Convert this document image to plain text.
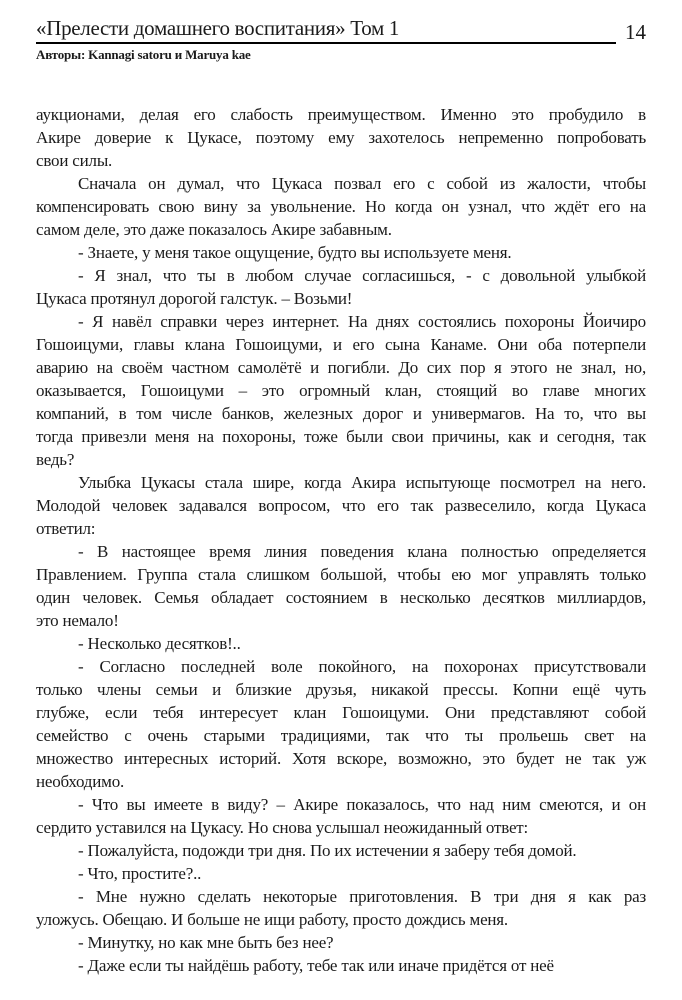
«Прелести домашнего воспитания» Том 1	14
Авторы: Kannagi satoru и Maruya kae

аукционами, делая его слабость преимуществом. Именно это пробудило в
Акире доверие к Цукасе, поэтому ему захотелось непременно попробовать
свои силы.

Сначала он думал, что Цукаса позвал его с собой из жалости, чтобы
компенсировать свою вину за увольнение. Но когда он узнал, что ждёт его на
самом деле, это даже показалось Акире забавным.

- Знаете, у меня такое ощущение, будто вы используете меня.

- Я знал, что ты в любом случае согласишься, - с довольной улыбкой
Цукаса протянул дорогой галстук. – Возьми!

- Я навёл справки через интернет. На днях состоялись похороны Йоичиро
Гошоицуми, главы клана Гошоицуми, и его сына Канаме. Они оба потерпели
аварию на своём частном самолётё и погибли. До сих пор я этого не знал, но,
оказывается, Гошоицуми – это огромный клан, стоящий во главе многих
компаний, в том числе банков, железных дорог и универмагов. На то, что вы
тогда привезли меня на похороны, тоже были свои причины, как и сегодня, так
ведь?

Улыбка Цукасы стала шире, когда Акира испытующе посмотрел на него.
Молодой человек задавался вопросом, что его так развеселило, когда Цукаса
ответил:

- В настоящее время линия поведения клана полностью определяется
Правлением. Группа стала слишком большой, чтобы ею мог управлять только
один человек. Семья обладает состоянием в несколько десятков миллиардов,
это немало!

- Несколько десятков!..

- Согласно последней воле покойного, на похоронах присутствовали
только члены семьи и близкие друзья, никакой прессы. Копни ещё чуть
глубже, если тебя интересует клан Гошоицуми. Они представляют собой
семейство с очень старыми традициями, так что ты прольешь свет на
множество интересных историй. Хотя вскоре, возможно, это будет не так уж
необходимо.

- Что вы имеете в виду? – Акире показалось, что над ним смеются, и он
сердито уставился на Цукасу. Но снова услышал неожиданный ответ:

- Пожалуйста, подожди три дня. По их истечении я заберу тебя домой.

- Что, простите?..

- Мне нужно сделать некоторые приготовления. В три дня я как раз
уложусь. Обещаю. И больше не ищи работу, просто дождись меня.

- Минутку, но как мне быть без нее?

- Даже если ты найдёшь работу, тебе так или иначе придётся от неё
